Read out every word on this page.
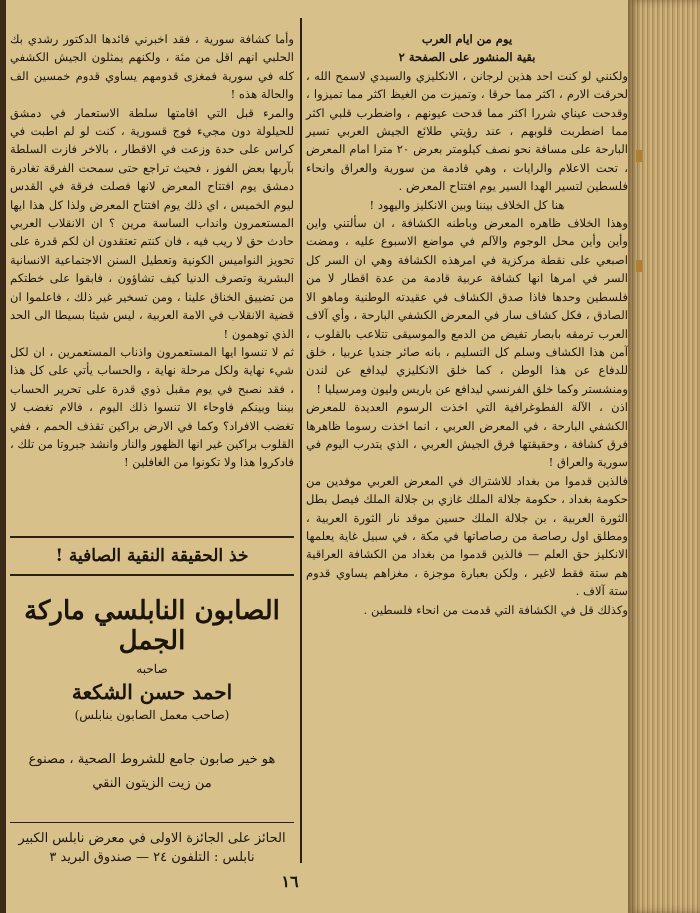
يوم من ايام العرب

بقية المنشور على الصفحة ٢

ولكنني لو كنت احد هذين لرجانن ، الانكليزي والسيدي لاسمح الله ، لحرقت الارم ، اكثر مما حرقا ، وتميزت من الغيظ اكثر مما تميزوا ، وقدحت عيناي شررا اكثر مما قدحت عيونهم ، واضطرب قلبي اكثر مما اضطربت قلوبهم ، عند رؤيتي طلائع الجيش العربي تسير البارحة على مسافة نحو نصف كيلومتر بعرض ٢٠ مترا امام المعرض ، تحت الاعلام والرايات ، وهي قادمة من سورية والعراق وانحاء فلسطين لتسير الهدا السير يوم افتتاح المعرض .

هنا كل الخلاف بيننا وبين الانكليز واليهود !

وهذا الخلاف ظاهره المعرض وباطنه الكشافة ، ان سألتني واين وأين وأين محل الوجوم والآلم في مواضع الاسبوع عليه ، ومضت اصبعي على نقطة مركزية في امرهذه الكشافة وهي ان السر كل السر في امرها انها كشافة عربية قادمة من عدة اقطار لا من فلسطين وحدها فاذا صدق الكشاف في عقيدته الوطنية وماهو الا الصادق ، فكل كشاف سار في المعرض الكشفي البارحة ، وأي آلاف العرب ترمقه بابصار تفيض من الدمع والموسيقى تتلاعب بالقلوب ، آمن هذا الكشاف وسلم كل التسليم ، بانه صائر جنديا عربيا ، خلق للدفاع عن هذا الوطن ، كما خلق الانكليزي ليدافع عن لندن ومنشستر وكما خلق الفرنسي ليدافع عن باريس وليون ومرسيليا !

اذن ، الآلة الفطوغرافية التي اخذت الرسوم العديدة للمعرض الكشفي البارحة ، في المعرض العربي ، انما اخذت رسوما ظاهرها فرق كشافة ، وحقيقتها فرق الجيش العربي ، الذي يتدرب اليوم في سورية والعراق !

فالذين قدموا من بغداد للاشتراك في المعرض العربي موفدين من حكومة بغداد ، حكومة جلالة الملك غازي بن جلالة الملك فيصل بطل الثورة العربية ، بن جلالة الملك حسين موقد نار الثورة العربية ، ومطلق اول رصاصة من رصاصاتها في مكة ، في سبيل غاية يعلمها الانكليز حق العلم — فالذين قدموا من بغداد من الكشافة العراقية هم ستة فقط لاغير ، ولكن بعبارة موجزة ، مغزاهم يساوي قدوم ستة آلاف .

وكذلك قل في الكشافة التي قدمت من انحاء فلسطين .

وأما كشافة سورية ، فقد اخبرني قائدها الدكتور رشدي بك الحلبي انهم اقل من مئة ، ولكنهم يمثلون الجيش الكشفي كله في سورية فمغزى قدومهم يساوي قدوم خمسين الف والحالة هذه !

والمرء قبل التي اقامتها سلطة الاستعمار في دمشق للحيلولة دون مجيء فوج قسورية ، كنت لو لم اطبت في كراس على حدة وزعت في الاقطار ، بالاخر فازت السلطة بآربها بعض الفوز ، فحيث تراجع حتى سمحت الفرقة تغادرة دمشق يوم افتتاح المعرض لانها فصلت فرقة في القدس ليوم الخميس ، اي ذلك يوم افتتاح المعرض ولذا كل هذا ايها المستعمرون وانداب الساسة مرين ؟ ان الانقلاب العربي حادث حق لا ريب فيه ، فان كنتم تعتقدون ان لكم قدرة على تحويز النواميس الكونية وتعطيل السنن الاجتماعية الانسانية البشرية وتصرف الدنيا كيف تشاؤون ، فابقوا على خطتكم من تضييق الخناق علينا ، ومن تسخير غير ذلك ، فاعلموا ان قضية الانقلاب في الامة العربية ، ليس شيئا بسيطا الى الحد الذي توهمون !

ثم لا تنسوا ايها المستعمرون واذناب المستعمرين ، ان لكل شيء نهاية ولكل مرحلة نهاية ، والحساب يأتي على كل هذا ، فقد نصبح في يوم مقبل ذوي قدرة على تحرير الحساب بيننا وبينكم فاوحاء الا تنسوا ذلك اليوم ، فالام تغضب لا تغضب الافراد؟ وكما في الارض براكين تقذف الحمم ، ففي القلوب براكين غير انها الظهور والنار وانشد جبروتا من تلك ، فادكروا هذا ولا تكونوا من الغافلين !

خذ الحقيقة النقية الصافية !
الصابون النابلسي ماركة الجمل
صاحبه
احمد حسن الشكعة
(صاحب معمل الصابون بنابلس)
هو خير صابون جامع للشروط الصحية ، مصنوع
من زيت الزيتون النقي
الحائز على الجائزة الاولى في معرض نابلس الكبير
نابلس : التلفون ٢٤ — صندوق البريد ٣
١٦
